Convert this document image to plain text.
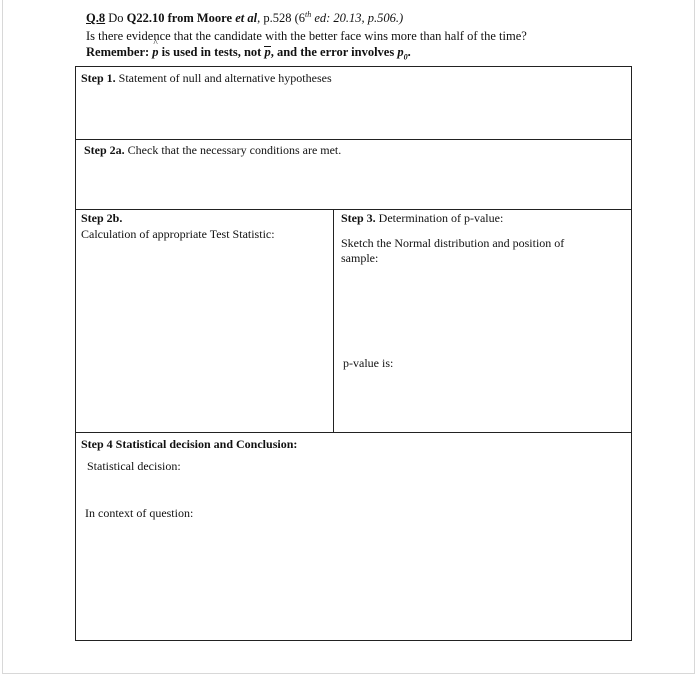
Q.8 Do Q22.10 from Moore et al, p.528 (6th ed: 20.13, p.506.)
Is there evidence that the candidate with the better face wins more than half of the time?
Remember: ^ p is used in tests, not p, and the error involves $p_0$.
Step 1. Statement of null and alternative hypotheses
Step 2a. Check that the necessary conditions are met.
Step 2b.
Calculation of appropriate Test Statistic:
Step 3. Determination of p-value:
Sketch the Normal distribution and position of
sample:
p-value is:
Step 4 Statistical decision and Conclusion:
Statistical decision:
In context of question:
